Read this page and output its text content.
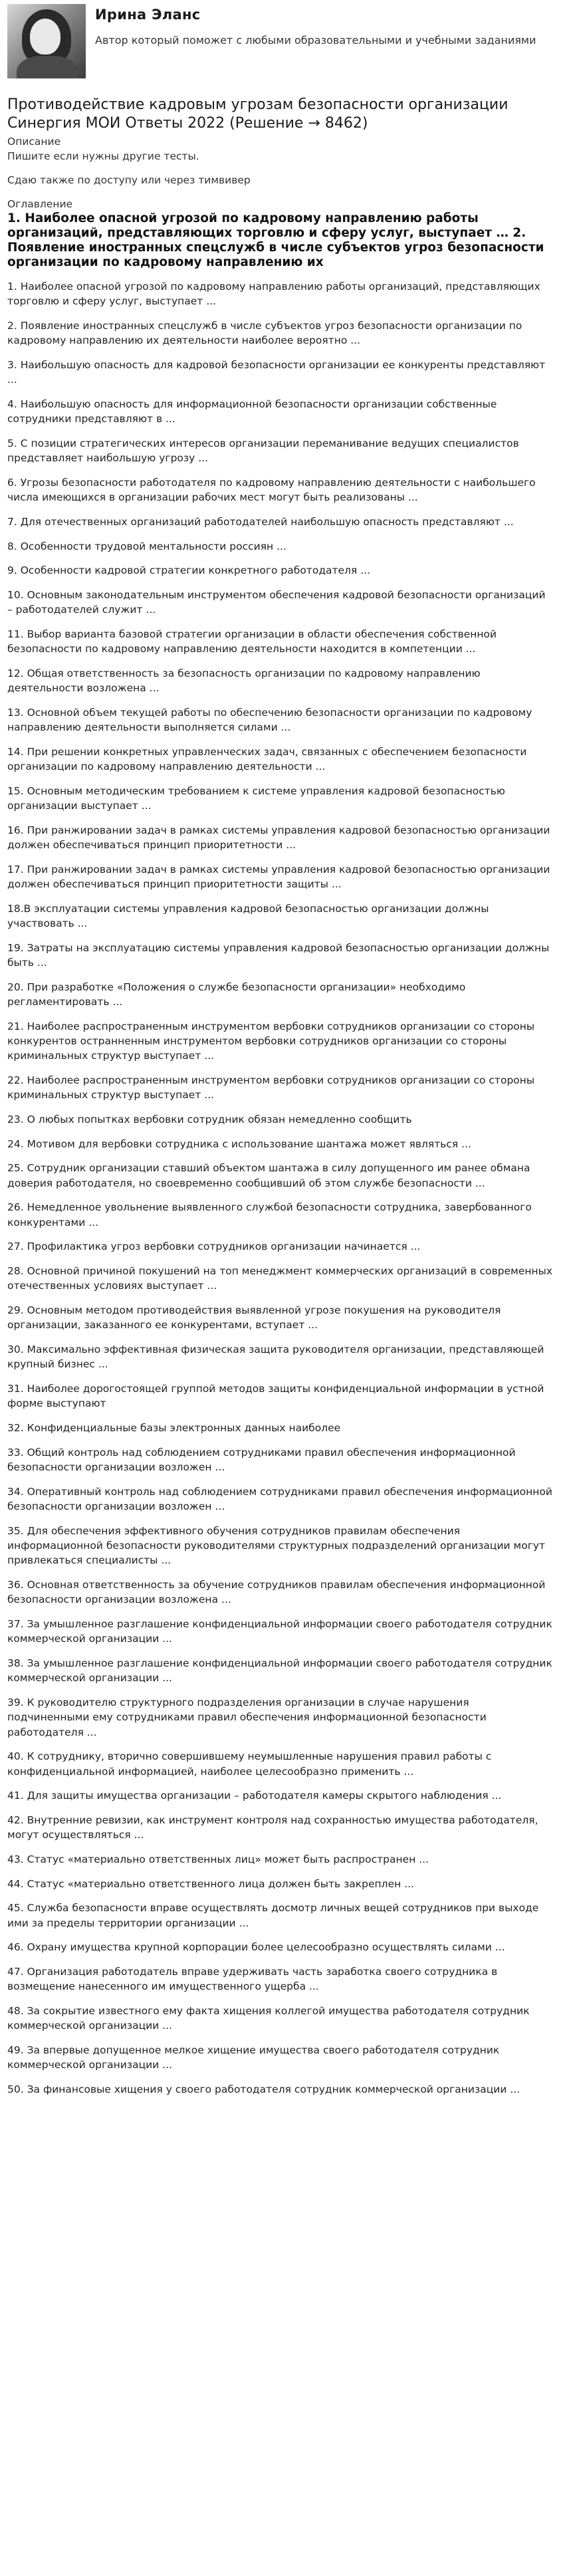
Ирина Эланс
Автор который поможет с любыми образовательными и учебными заданиями
Противодействие кадровым угрозам безопасности организации Синергия МОИ Ответы 2022 (Решение → 8462)
Описание
Пишите если нужны другие тесты.
Сдаю также по доступу или через тимвивер
Оглавление
1. Наиболее опасной угрозой по кадровому направлению работы организаций, представляющих торговлю и сферу услуг, выступает … 2. Появление иностранных спецслужб в числе субъектов угроз безопасности организации по кадровому направлению их
1. Наиболее опасной угрозой по кадровому направлению работы организаций, представляющих торговлю и сферу услуг, выступает ...
2. Появление иностранных спецслужб в числе субъектов угроз безопасности организации по кадровому направлению их деятельности наиболее вероятно ...
3. Наибольшую опасность для кадровой безопасности организации ее конкуренты представляют ...
4. Наибольшую опасность для информационной безопасности организации собственные сотрудники представляют в ...
5. С позиции стратегических интересов организации переманивание ведущих специалистов представляет наибольшую угрозу ...
6. Угрозы безопасности работодателя по кадровому направлению деятельности с наибольшего числа имеющихся в организации рабочих мест могут быть реализованы ...
7. Для отечественных организаций работодателей наибольшую опасность представляют ...
8. Особенности трудовой ментальности россиян ...
9. Особенности кадровой стратегии конкретного работодателя ...
10. Основным законодательным инструментом обеспечения кадровой безопасности организаций – работодателей служит ...
11. Выбор варианта базовой стратегии организации в области обеспечения собственной безопасности по кадровому направлению деятельности находится в компетенции ...
12. Общая ответственность за безопасность организации по кадровому направлению деятельности возложена ...
13. Основной объем текущей работы по обеспечению безопасности организации по кадровому направлению деятельности выполняется силами ...
14. При решении конкретных управленческих задач, связанных с обеспечением безопасности организации по кадровому направлению деятельности ...
15. Основным методическим требованием к системе управления кадровой безопасностью организации выступает ...
16. При ранжировании задач в рамках системы управления кадровой безопасностью организации должен обеспечиваться принцип приоритетности ...
17. При ранжировании задач в рамках системы управления кадровой безопасностью организации должен обеспечиваться принцип приоритетности защиты ...
18.В эксплуатации системы управления кадровой безопасностью организации должны участвовать ...
19. Затраты на эксплуатацию системы управления кадровой безопасностью организации должны быть ...
20. При разработке «Положения о службе безопасности организации» необходимо регламентировать ...
21. Наиболее распространенным инструментом вербовки сотрудников организации со стороны конкурентов остранненным инструментом вербовки сотрудников организации со стороны криминальных структур выступает ...
22. Наиболее распространенным инструментом вербовки сотрудников организации со стороны криминальных структур выступает ...
23. О любых попытках вербовки сотрудник обязан немедленно сообщить
24. Мотивом для вербовки сотрудника с использование шантажа может являться ...
25. Сотрудник организации ставший объектом шантажа в силу допущенного им ранее обмана доверия работодателя, но своевременно сообщивший об этом службе безопасности ...
26. Немедленное увольнение выявленного службой безопасности сотрудника, завербованного конкурентами ...
27. Профилактика угроз вербовки сотрудников организации начинается ...
28. Основной причиной покушений на топ менеджмент коммерческих организаций в современных отечественных условиях выступает ...
29. Основным методом противодействия выявленной угрозе покушения на руководителя организации, заказанного ее конкурентами, вступает ...
30. Максимально эффективная физическая защита руководителя организации, представляющей крупный бизнес ...
31. Наиболее дорогостоящей группой методов защиты конфиденциальной информации в устной форме выступают
32. Конфиденциальные базы электронных данных наиболее
33. Общий контроль над соблюдением сотрудниками правил обеспечения информационной безопасности организации возложен ...
34. Оперативный контроль над соблюдением сотрудниками правил обеспечения информационной безопасности организации возложен ...
35. Для обеспечения эффективного обучения сотрудников правилам обеспечения информационной безопасности руководителями структурных подразделений организации могут привлекаться специалисты ...
36. Основная ответственность за обучение сотрудников правилам обеспечения информационной безопасности организации возложена ...
37. За умышленное разглашение конфиденциальной информации своего работодателя сотрудник коммерческой организации ...
38. За умышленное разглашение конфиденциальной информации своего работодателя сотрудник коммерческой организации ...
39. К руководителю структурного подразделения организации в случае нарушения подчиненными ему сотрудниками правил обеспечения информационной безопасности работодателя ...
40. К сотруднику, вторично совершившему неумышленные нарушения правил работы с конфиденциальной информацией, наиболее целесообразно применить ...
41. Для защиты имущества организации – работодателя камеры скрытого наблюдения ...
42. Внутренние ревизии, как инструмент контроля над сохранностью имущества работодателя, могут осуществляться ...
43. Статус «материально ответственных лиц» может быть распространен ...
44. Статус «материально ответственного лица должен быть закреплен ...
45. Служба безопасности вправе осуществлять досмотр личных вещей сотрудников при выходе ими за пределы территории организации ...
46. Охрану имущества крупной корпорации более целесообразно осуществлять силами ...
47. Организация работодатель вправе удерживать часть заработка своего сотрудника в возмещение нанесенного им имущественного ущерба ...
48. За сокрытие известного ему факта хищения коллегой имущества работодателя сотрудник коммерческой организации ...
49. За впервые допущенное мелкое хищение имущества своего работодателя сотрудник коммерческой организации ...
50. За финансовые хищения у своего работодателя сотрудник коммерческой организации ...
